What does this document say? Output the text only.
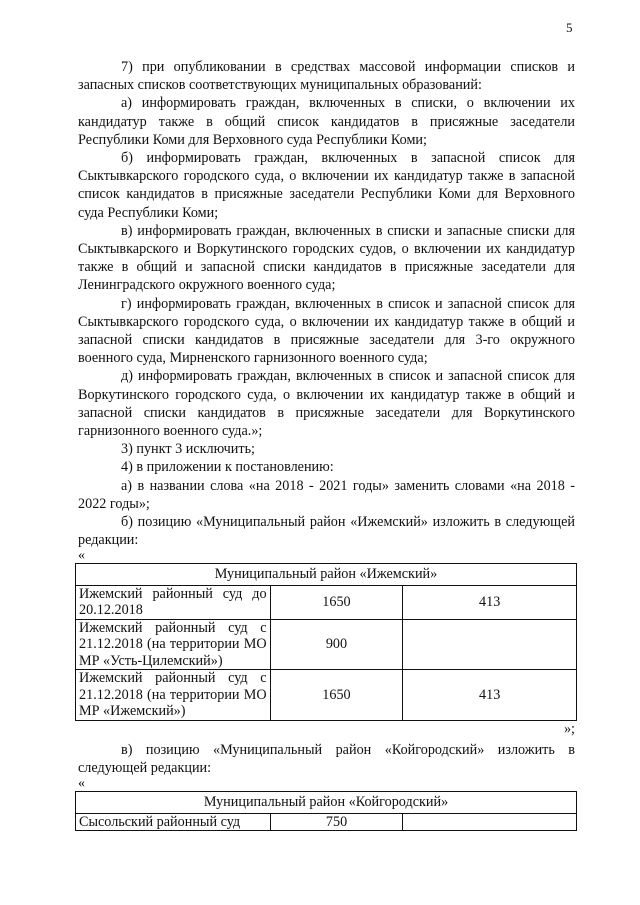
5

7) при опубликовании в средствах массовой информации списков и запасных списков соответствующих муниципальных образований:

а) информировать граждан, включенных в списки, о включении их кандидатур также в общий список кандидатов в присяжные заседатели Республики Коми для Верховного суда Республики Коми;

б) информировать граждан, включенных в запасной список для Сыктывкарского городского суда, о включении их кандидатур также в запасной список кандидатов в присяжные заседатели Республики Коми для Верховного суда Республики Коми;

в) информировать граждан, включенных в списки и запасные списки для Сыктывкарского и Воркутинского городских судов, о включении их кандидатур также в общий и запасной списки кандидатов в присяжные заседатели для Ленинградского окружного военного суда;

г) информировать граждан, включенных в список и запасной список для Сыктывкарского городского суда, о включении их кандидатур также в общий и запасной списки кандидатов в присяжные заседатели для 3-го окружного военного суда, Мирненского гарнизонного военного суда;

д) информировать граждан, включенных в список и запасной список для Воркутинского городского суда, о включении их кандидатур также в общий и запасной списки кандидатов в присяжные заседатели для Воркутинского гарнизонного военного суда.»;

3) пункт 3 исключить;

4) в приложении к постановлению:

а) в названии слова «на 2018 - 2021 годы» заменить словами «на 2018 - 2022 годы»;

б) позицию «Муниципальный район «Ижемский» изложить в следующей редакции:

«

Муниципальный район «Ижемский»		
Ижемский районный суд до 20.12.2018	1650	413
Ижемский районный суд с 21.12.2018 (на территории МО МР «Усть-Цилемский»)	900	
Ижемский районный суд с 21.12.2018 (на территории МО МР «Ижемский»)	1650	413

»;

в) позицию «Муниципальный район «Койгородский» изложить в следующей редакции:

«

Муниципальный район «Койгородский»
Сысольский районный суд	750	
